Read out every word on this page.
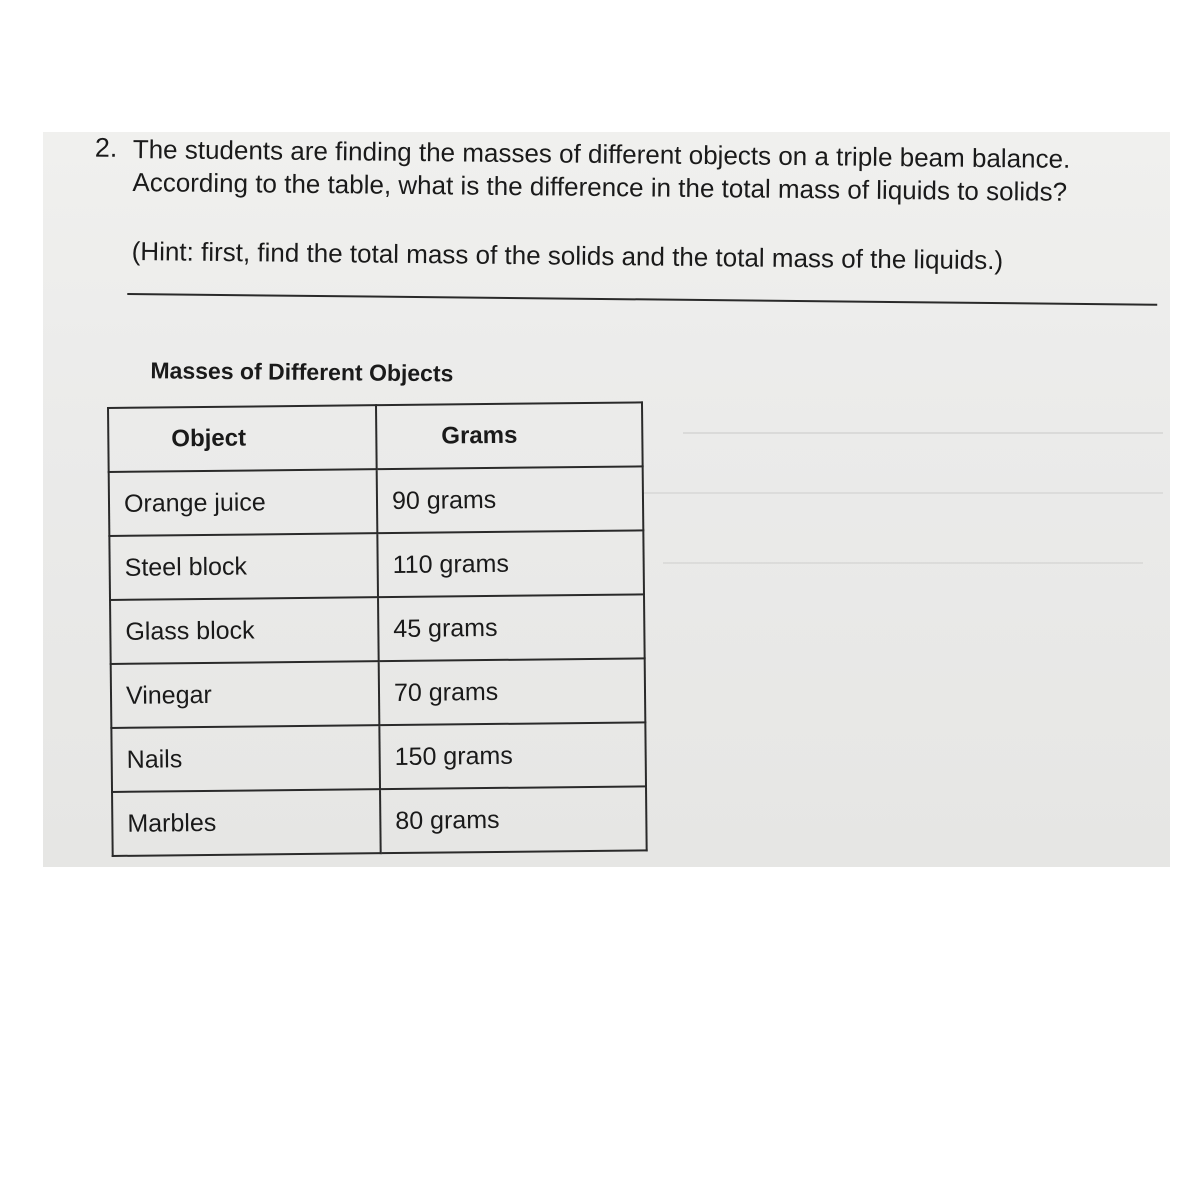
2. The students are finding the masses of different objects on a triple beam balance. According to the table, what is the difference in the total mass of liquids to solids?
(Hint: first, find the total mass of the solids and the total mass of the liquids.)
Masses of Different Objects
Object	Grams
Orange juice	90 grams
Steel block	110 grams
Glass block	45 grams
Vinegar	70 grams
Nails	150 grams
Marbles	80 grams
